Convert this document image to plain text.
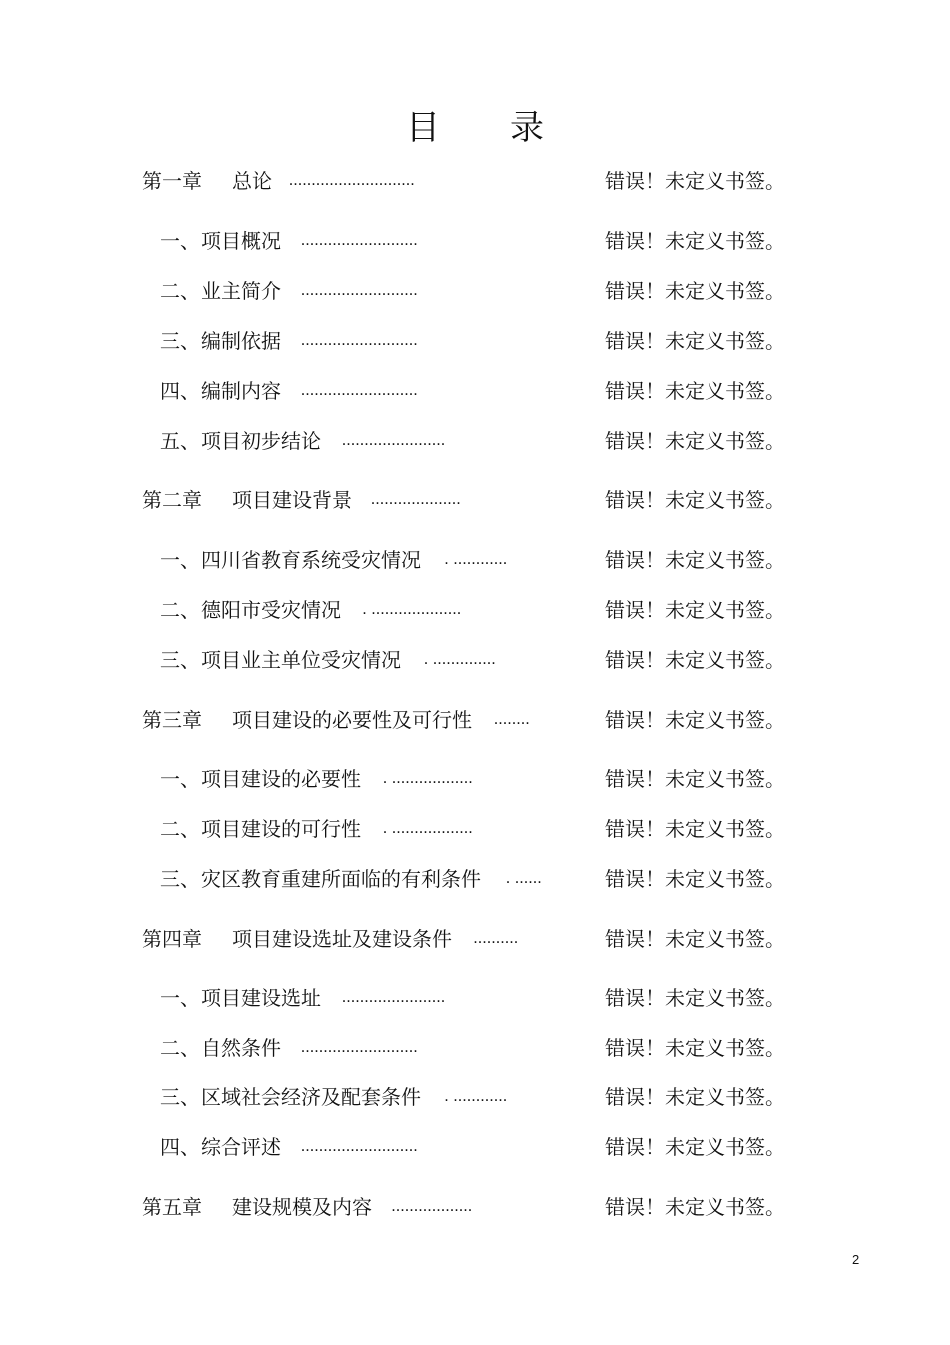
目 录
第一章 总论 ............................	错误！未定义书签。
一、 项目概况 ..........................	错误！未定义书签。
二、 业主简介 ..........................	错误！未定义书签。
三、 编制依据 ..........................	错误！未定义书签。
四、 编制内容 ..........................	错误！未定义书签。
五、 项目初步结论 .......................	错误！未定义书签。
第二章 项目建设背景 ....................	错误！未定义书签。
一、 四川省教育系统受灾情况 . ............	错误！未定义书签。
二、 德阳市受灾情况 . ....................	错误！未定义书签。
三、 项目业主单位受灾情况 . ..............	错误！未定义书签。
第三章 项目建设的必要性及可行性 ........	错误！未定义书签。
一、 项目建设的必要性 . ..................	错误！未定义书签。
二、 项目建设的可行性 . ..................	错误！未定义书签。
三、 灾区教育重建所面临的有利条件 . ......	错误！未定义书签。
第四章 项目建设选址及建设条件 ..........	错误！未定义书签。
一、 项目建设选址 .......................	错误！未定义书签。
二、 自然条件 ..........................	错误！未定义书签。
三、 区域社会经济及配套条件 . ............	错误！未定义书签。
四、 综合评述 ..........................	错误！未定义书签。
第五章 建设规模及内容 ..................	错误！未定义书签。
2
